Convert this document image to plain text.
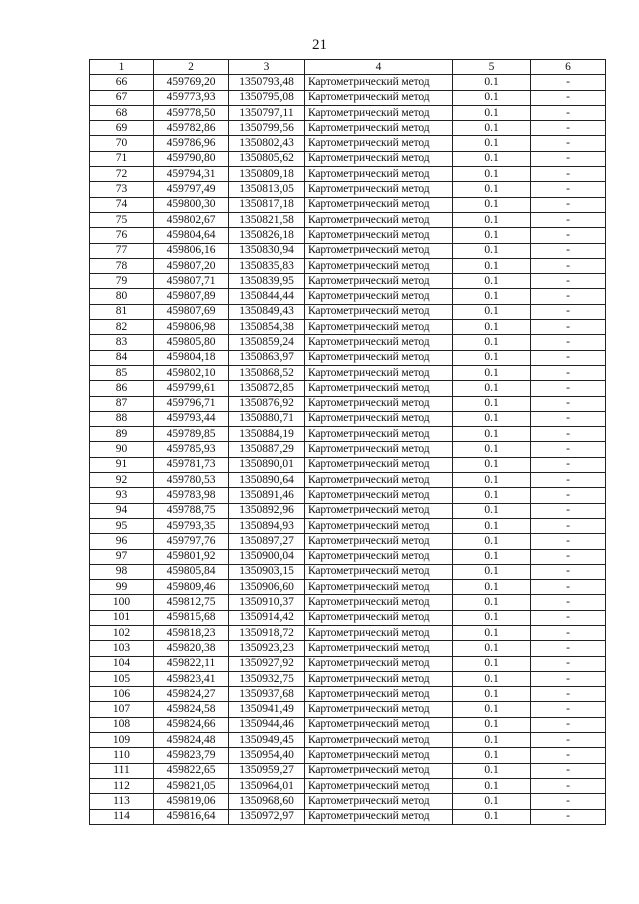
21
1	2	3	4	5	6
66	459769,20	1350793,48	Картометрический метод	0.1	-
67	459773,93	1350795,08	Картометрический метод	0.1	-
68	459778,50	1350797,11	Картометрический метод	0.1	-
69	459782,86	1350799,56	Картометрический метод	0.1	-
70	459786,96	1350802,43	Картометрический метод	0.1	-
71	459790,80	1350805,62	Картометрический метод	0.1	-
72	459794,31	1350809,18	Картометрический метод	0.1	-
73	459797,49	1350813,05	Картометрический метод	0.1	-
74	459800,30	1350817,18	Картометрический метод	0.1	-
75	459802,67	1350821,58	Картометрический метод	0.1	-
76	459804,64	1350826,18	Картометрический метод	0.1	-
77	459806,16	1350830,94	Картометрический метод	0.1	-
78	459807,20	1350835,83	Картометрический метод	0.1	-
79	459807,71	1350839,95	Картометрический метод	0.1	-
80	459807,89	1350844,44	Картометрический метод	0.1	-
81	459807,69	1350849,43	Картометрический метод	0.1	-
82	459806,98	1350854,38	Картометрический метод	0.1	-
83	459805,80	1350859,24	Картометрический метод	0.1	-
84	459804,18	1350863,97	Картометрический метод	0.1	-
85	459802,10	1350868,52	Картометрический метод	0.1	-
86	459799,61	1350872,85	Картометрический метод	0.1	-
87	459796,71	1350876,92	Картометрический метод	0.1	-
88	459793,44	1350880,71	Картометрический метод	0.1	-
89	459789,85	1350884,19	Картометрический метод	0.1	-
90	459785,93	1350887,29	Картометрический метод	0.1	-
91	459781,73	1350890,01	Картометрический метод	0.1	-
92	459780,53	1350890,64	Картометрический метод	0.1	-
93	459783,98	1350891,46	Картометрический метод	0.1	-
94	459788,75	1350892,96	Картометрический метод	0.1	-
95	459793,35	1350894,93	Картометрический метод	0.1	-
96	459797,76	1350897,27	Картометрический метод	0.1	-
97	459801,92	1350900,04	Картометрический метод	0.1	-
98	459805,84	1350903,15	Картометрический метод	0.1	-
99	459809,46	1350906,60	Картометрический метод	0.1	-
100	459812,75	1350910,37	Картометрический метод	0.1	-
101	459815,68	1350914,42	Картометрический метод	0.1	-
102	459818,23	1350918,72	Картометрический метод	0.1	-
103	459820,38	1350923,23	Картометрический метод	0.1	-
104	459822,11	1350927,92	Картометрический метод	0.1	-
105	459823,41	1350932,75	Картометрический метод	0.1	-
106	459824,27	1350937,68	Картометрический метод	0.1	-
107	459824,58	1350941,49	Картометрический метод	0.1	-
108	459824,66	1350944,46	Картометрический метод	0.1	-
109	459824,48	1350949,45	Картометрический метод	0.1	-
110	459823,79	1350954,40	Картометрический метод	0.1	-
111	459822,65	1350959,27	Картометрический метод	0.1	-
112	459821,05	1350964,01	Картометрический метод	0.1	-
113	459819,06	1350968,60	Картометрический метод	0.1	-
114	459816,64	1350972,97	Картометрический метод	0.1	-
